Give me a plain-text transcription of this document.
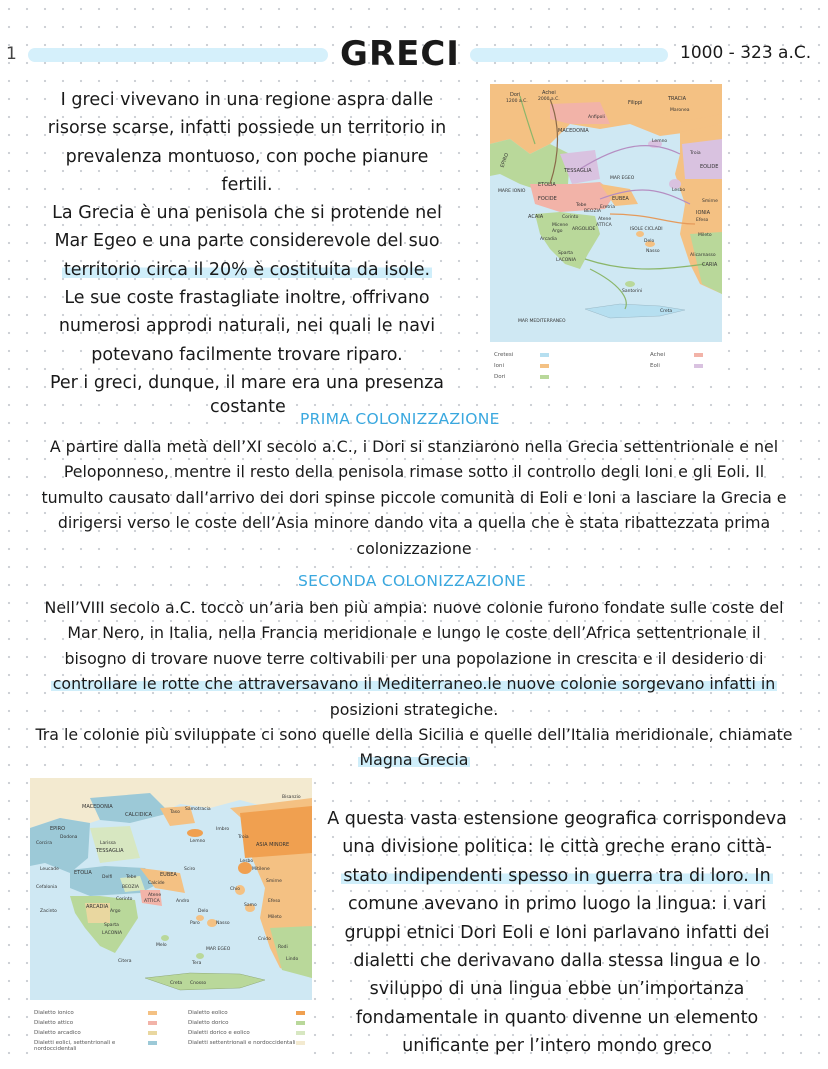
1	GRECI	1000 - 323 a.C.
I greci vivevano in una regione aspra dalle
risorse scarse, infatti possiede un territorio in
prevalenza montuoso, con poche pianure
fertili.
La Grecia è una penisola che si protende nel
Mar Egeo e una parte considerevole del suo
territorio circa il 20% è costituita da isole.
Le sue coste frastagliate inoltre, offrivano
numerosi approdi naturali, nei quali le navi
potevano facilmente trovare riparo.
Per i greci, dunque, il mare era una presenza
costante
Dori
1200 a.C.
Achei
2000 a.C.
Filippi
TRACIA
Maronea
Anfipoli
MACEDONIA
Lemno
Troia
EOLIDE
Lesbo
TESSAGLIA
EPIRO
ETOLIA
FOCIDE	EUBEA
Tebe	Eretria
BEOZIA
ACAIA	Corinto	Atene
ARGOLIDE
ATTICA
Micene
Argo
Arcadia
Sparta
LACONIA
Smirne
IONIA
Efeso
Mileto
ISOLE CICLADI
Delo
Nasso
Alicarnasso
CARIA
Santorini
Creta
MARE IONIO
MAR EGEO
MAR MEDITERRANEO
Cretesi	Achei
Ioni	Eoli
Dori
PRIMA COLONIZZAZIONE
A partire dalla metà dell’XI secolo a.C., i Dori si stanziarono nella Grecia settentrionale e nel
Peloponneso, mentre il resto della penisola rimase sotto il controllo degli Ioni e gli Eoli. Il
tumulto causato dall’arrivo dei dori spinse piccole comunità di Eoli e Ioni a lasciare la Grecia e
dirigersi verso le coste dell’Asia minore dando vita a quella che è stata ribattezzata prima
colonizzazione
SECONDA COLONIZZAZIONE
Nell’VIII secolo a.C. toccò un’aria ben più ampia: nuove colonie furono fondate sulle coste del
Mar Nero, in Italia, nella Francia meridionale e lungo le coste dell’Africa settentrionale il
bisogno di trovare nuove terre coltivabili per una popolazione in crescita e il desiderio di
controllare le rotte che attraversavano il Mediterraneo.le nuove colonie sorgevano infatti in
posizioni strategiche.
Tra le colonie più sviluppate ci sono quelle della Sicilia e quelle dell’Italia meridionale, chiamate
Magna Grecia
MACEDONIA
CALCIDICA	Taso
Samotracia
Bisanzio
EPIRO
Dodona
Corcira	Larissa
TESSAGLIA
Lemno
Imbro
Troia
ASIA MINORE
Leucade
ETOLIA
Delfi	Tebe	EUBEA
Calcide
Sciro
Lesbo
Mitilene
Cefalonia	BEOZIA	Chio
Smirne
Zacinto
ARCADIA
Corinto
Atene
ATTICA	Andro
Samo
Efeso
Argo
Sparta
LACONIA
Delo
Paro	Nasso
Mileto
Melo
Cnido
Rodi
Lindo
Tera
Citera
Creta Cnosso
MAR EGEO
Dialetto ionico	Dialetto eolico
Dialetto attico	Dialetto dorico
Dialetto arcadico	Dialetti dorico e eolico
Dialetti eolici, settentrionali e nordoccidentali
Dialetti settentrionali e nordoccidentali
A questa vasta estensione geografica corrispondeva
una divisione politica: le città greche erano città-
stato indipendenti spesso in guerra tra di loro. In
comune avevano in primo luogo la lingua: i vari
gruppi etnici Dori Eoli e Ioni parlavano infatti dei
dialetti che derivavano dalla stessa lingua e lo
sviluppo di una lingua ebbe un’importanza
fondamentale in quanto divenne un elemento
unificante per l’intero mondo greco
